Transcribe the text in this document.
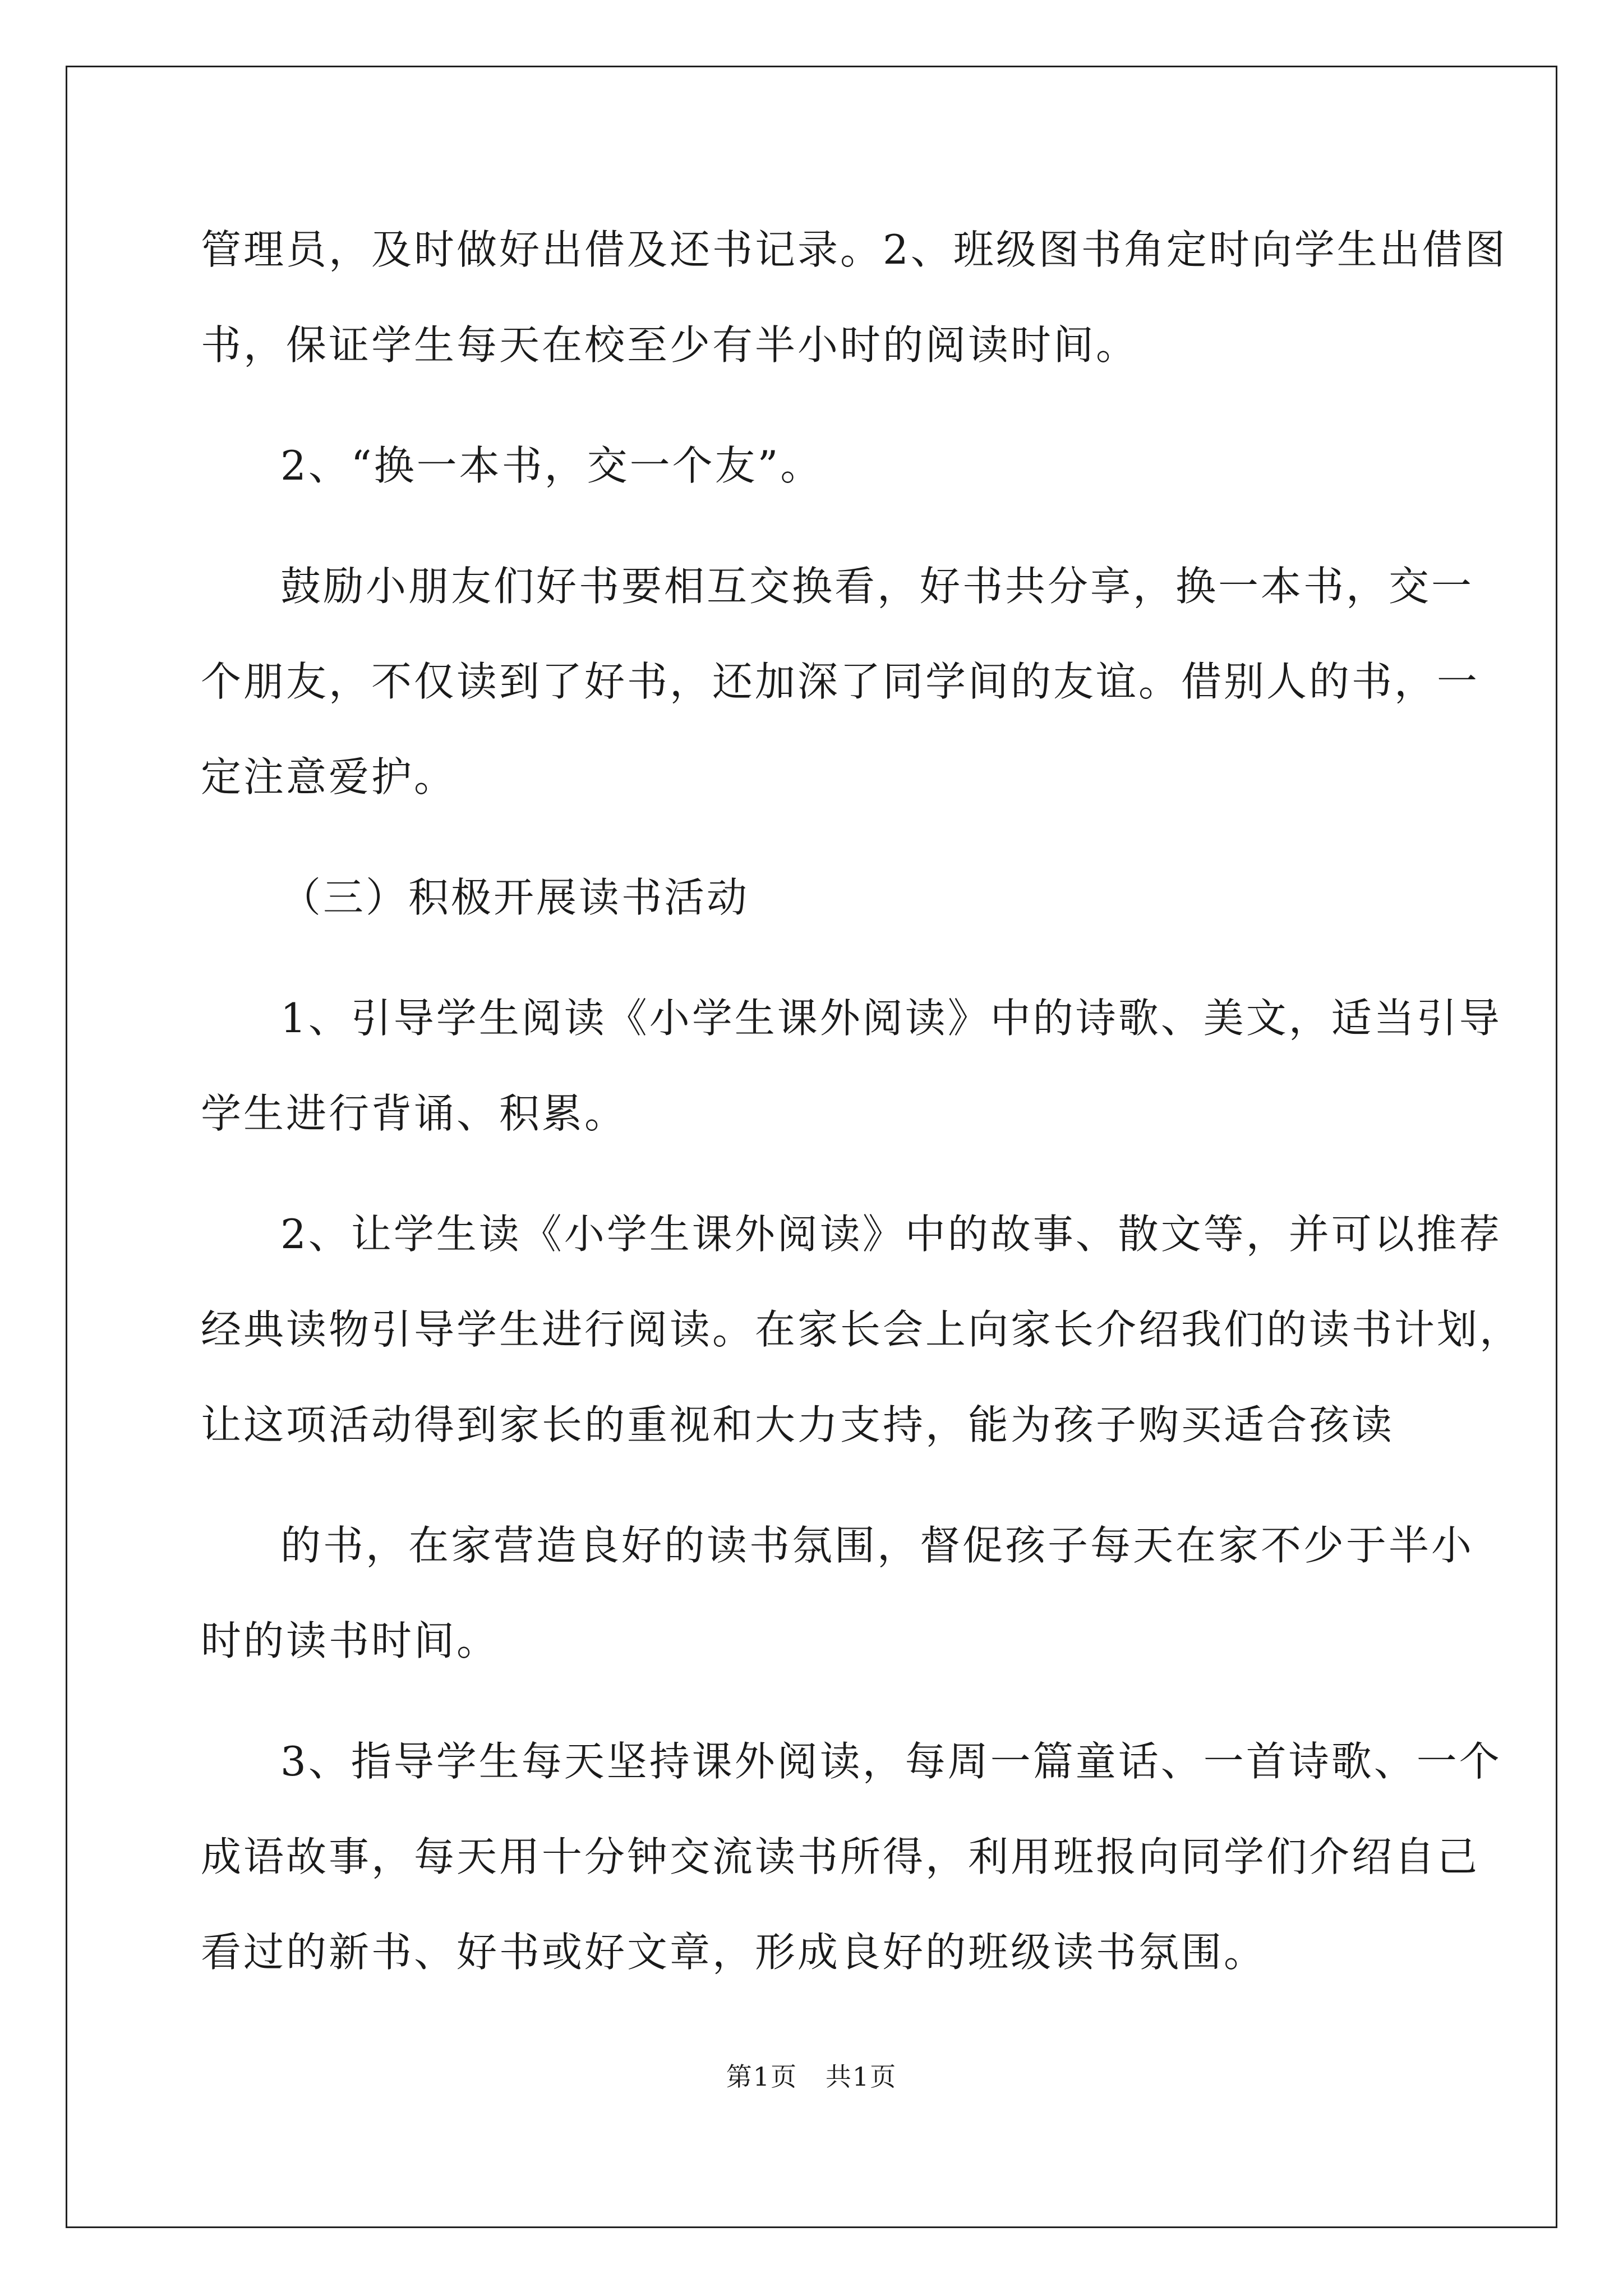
管理员，及时做好出借及还书记录。2、班级图书角定时向学生出借图
书，保证学生每天在校至少有半小时的阅读时间。
2、“换一本书，交一个友”。
鼓励小朋友们好书要相互交换看，好书共分享，换一本书，交一
个朋友，不仅读到了好书，还加深了同学间的友谊。借别人的书，一
定注意爱护。
（三）积极开展读书活动
1、引导学生阅读《小学生课外阅读》中的诗歌、美文，适当引导
学生进行背诵、积累。
2、让学生读《小学生课外阅读》中的故事、散文等，并可以推荐
经典读物引导学生进行阅读。在家长会上向家长介绍我们的读书计划，
让这项活动得到家长的重视和大力支持，能为孩子购买适合孩读
的书，在家营造良好的读书氛围，督促孩子每天在家不少于半小
时的读书时间。
3、指导学生每天坚持课外阅读，每周一篇童话、一首诗歌、一个
成语故事，每天用十分钟交流读书所得，利用班报向同学们介绍自己
看过的新书、好书或好文章，形成良好的班级读书氛围。
第1页   共1页
